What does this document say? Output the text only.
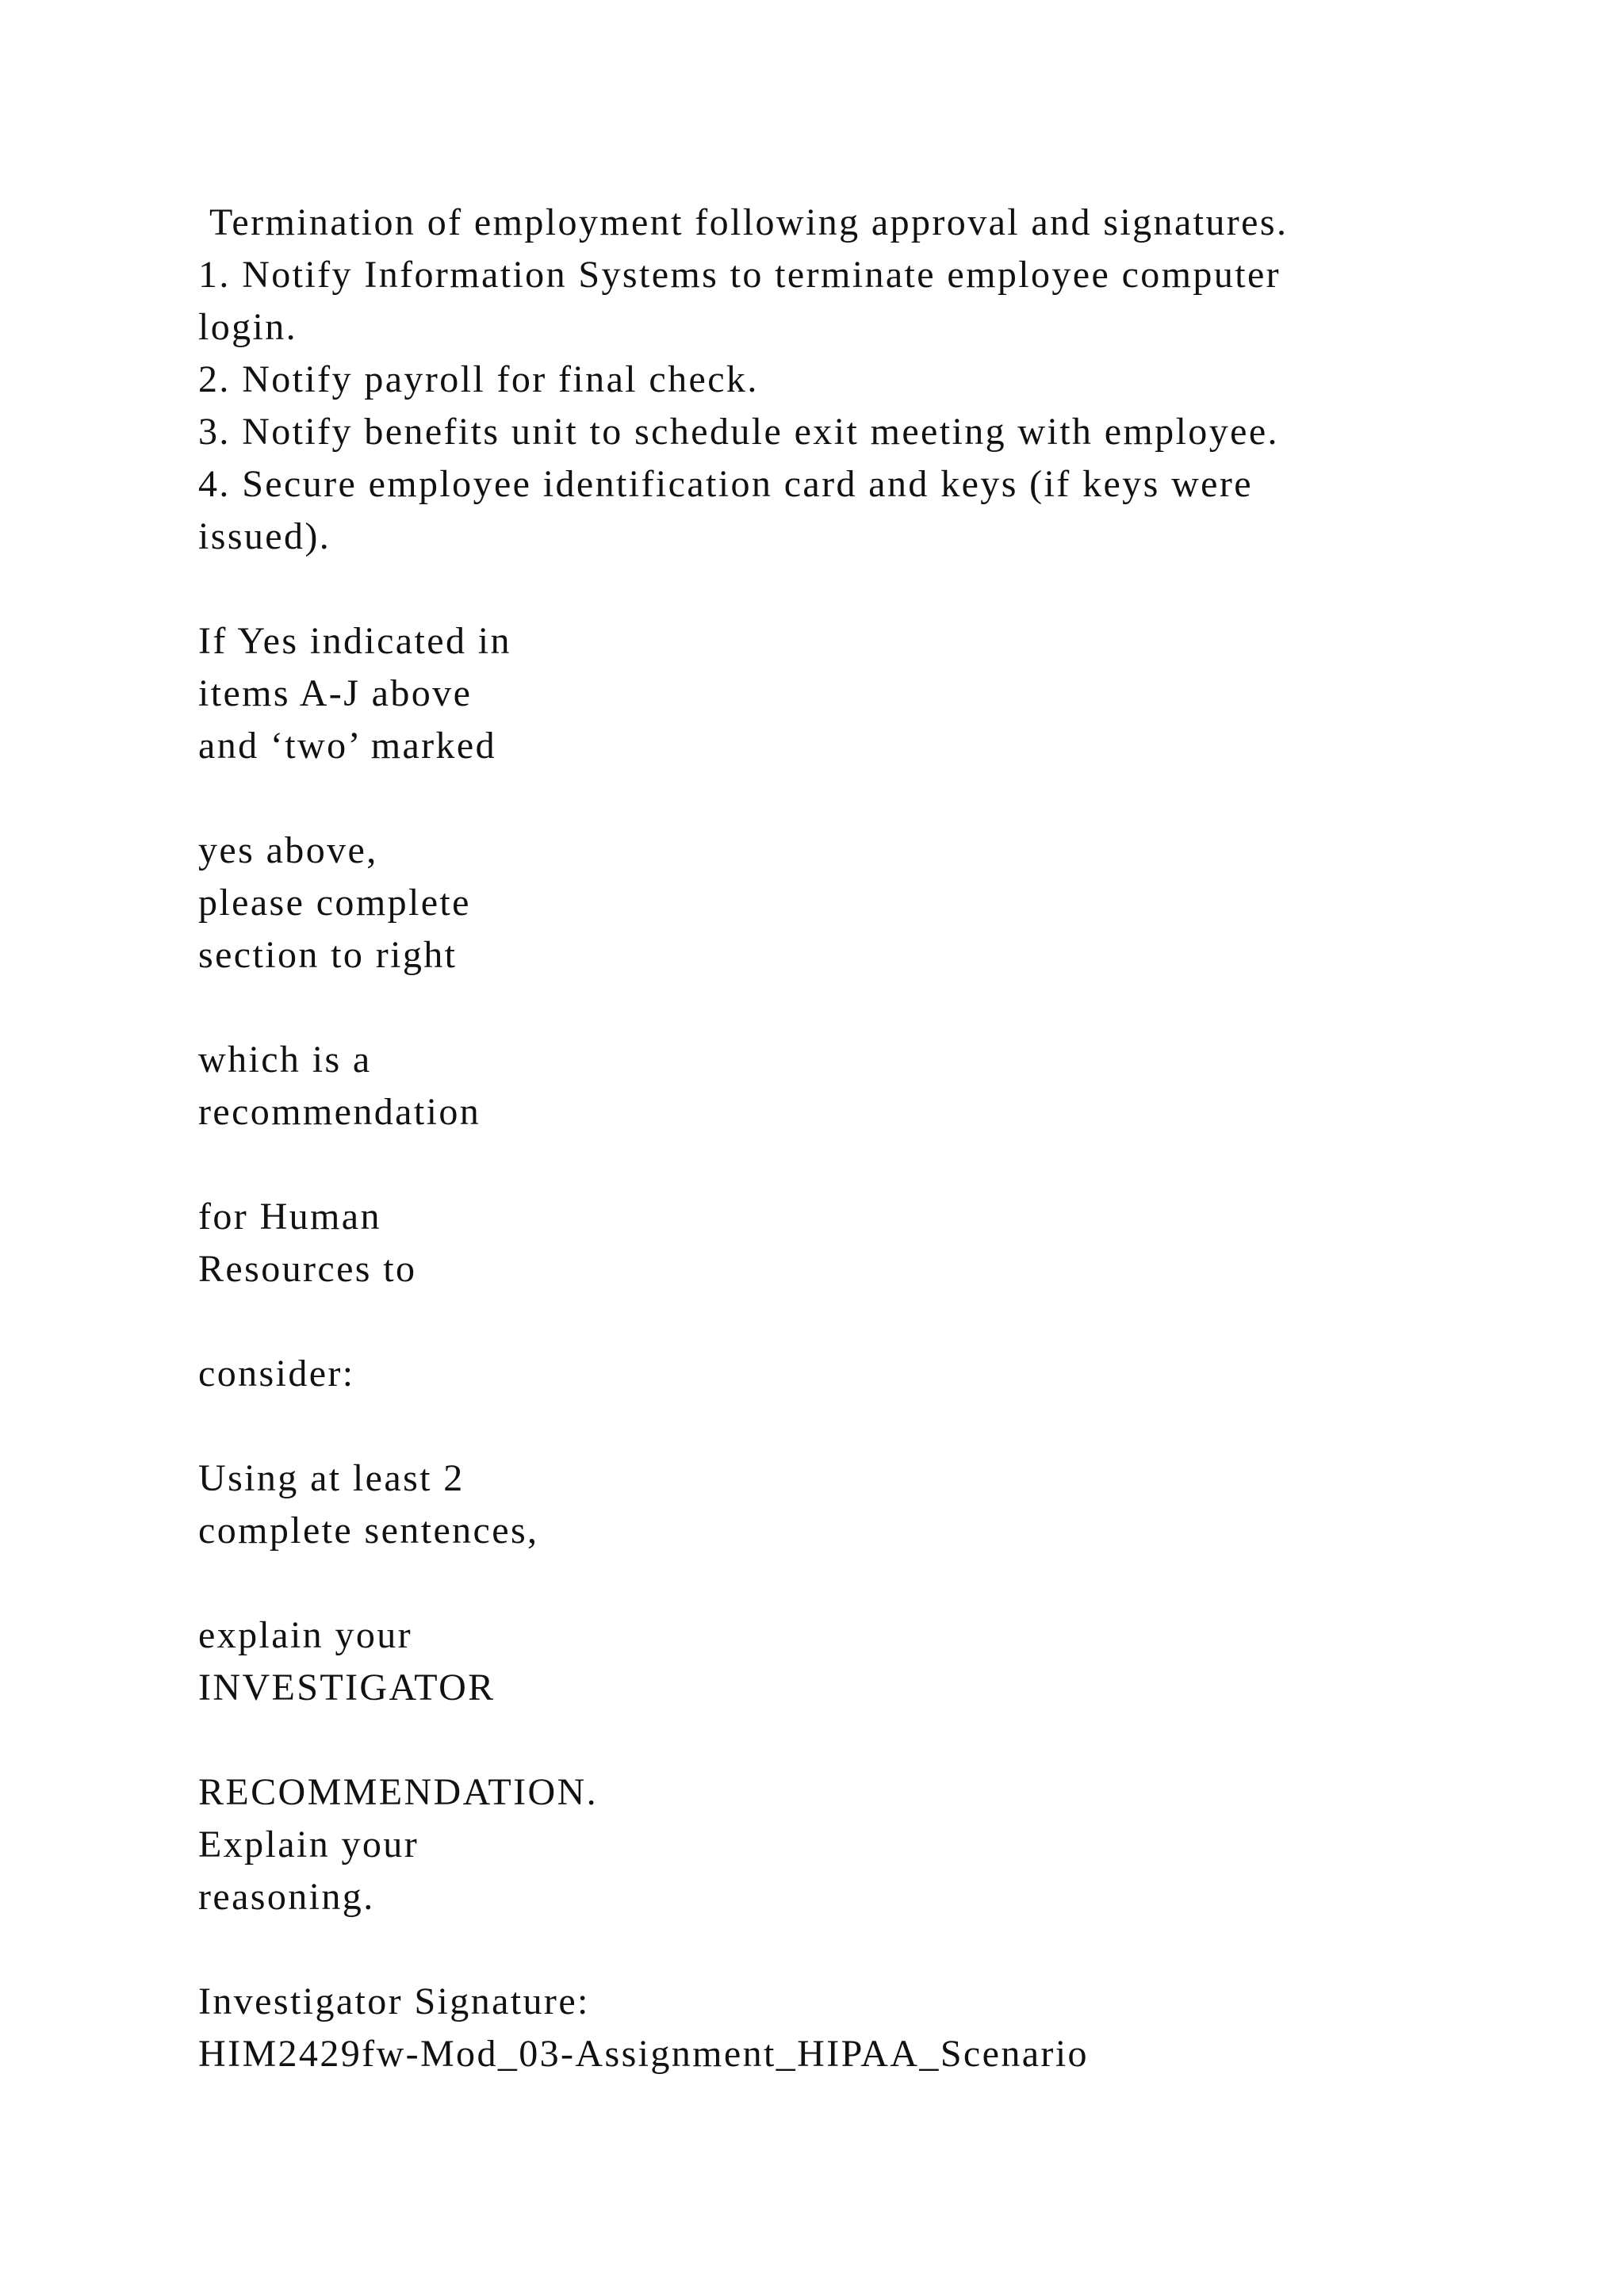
Termination of employment following approval and signatures.
1. Notify Information Systems to terminate employee computer
login.
2. Notify payroll for final check.
3. Notify benefits unit to schedule exit meeting with employee.
4. Secure employee identification card and keys (if keys were
issued).
If Yes indicated in
items A-J above
and ‘two’ marked
yes above,
please complete
section to right
which is a
recommendation
for Human
Resources to
consider:
Using at least 2
complete sentences,
explain your
INVESTIGATOR
RECOMMENDATION.
Explain your
reasoning.
Investigator Signature:
HIM2429fw-Mod_03-Assignment_HIPAA_Scenario
